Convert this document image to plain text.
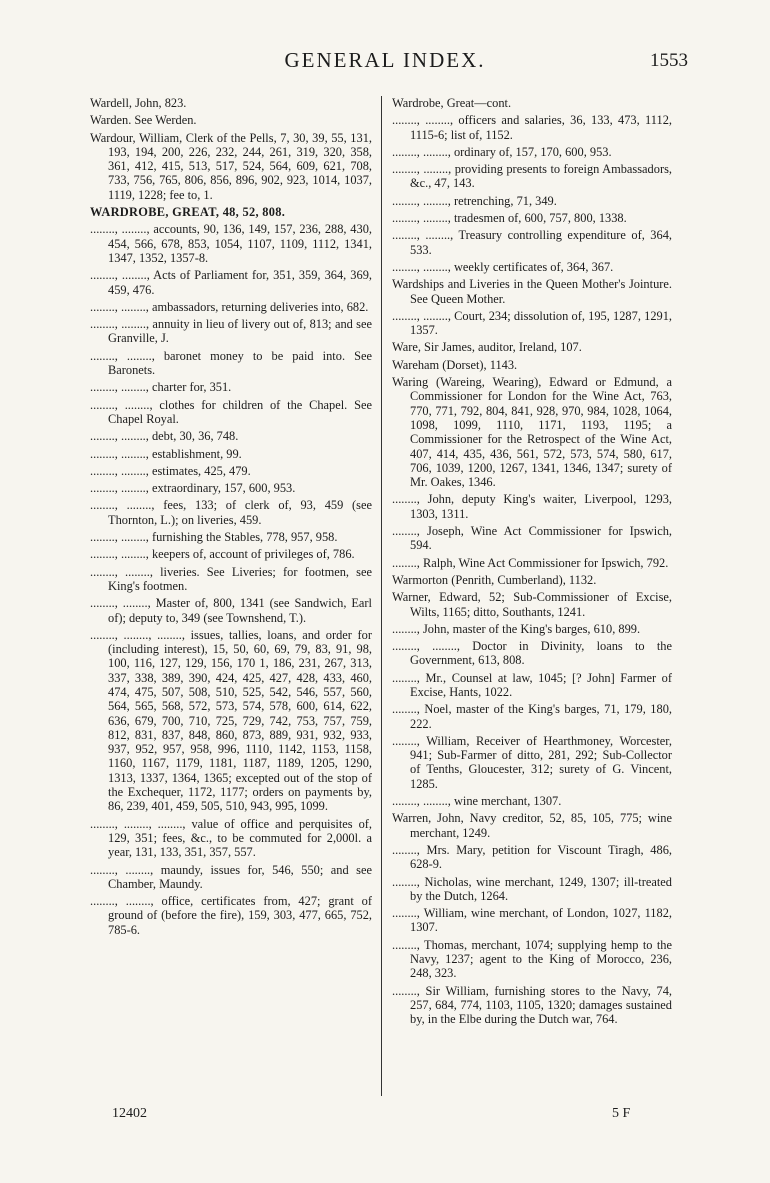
GENERAL INDEX.	1553

Wardell, John, 823.

Warden. See Werden.

Wardour, William, Clerk of the Pells, 7, 30, 39, 55, 131, 193, 194, 200, 226, 232, 244, 261, 319, 320, 358, 361, 412, 415, 513, 517, 524, 564, 609, 621, 708, 733, 756, 765, 806, 856, 896, 902, 923, 1014, 1037, 1119, 1228; fee to, 1.

WARDROBE, GREAT, 48, 52, 808.

........, ........, accounts, 90, 136, 149, 157, 236, 288, 430, 454, 566, 678, 853, 1054, 1107, 1109, 1112, 1341, 1347, 1352, 1357-8.

........, ........, Acts of Parliament for, 351, 359, 364, 369, 459, 476.

........, ........, ambassadors, returning deliveries into, 682.

........, ........, annuity in lieu of livery out of, 813; and see Granville, J.

........, ........, baronet money to be paid into. See Baronets.

........, ........, charter for, 351.

........, ........, clothes for children of the Chapel. See Chapel Royal.

........, ........, debt, 30, 36, 748.

........, ........, establishment, 99.

........, ........, estimates, 425, 479.

........, ........, extraordinary, 157, 600, 953.

........, ........, fees, 133; of clerk of, 93, 459 (see Thornton, L.); on liveries, 459.

........, ........, furnishing the Stables, 778, 957, 958.

........, ........, keepers of, account of privileges of, 786.

........, ........, liveries. See Liveries; for footmen, see King's footmen.

........, ........, Master of, 800, 1341 (see Sandwich, Earl of); deputy to, 349 (see Townshend, T.).

........, ........, ........, issues, tallies, loans, and order for (including interest), 15, 50, 60, 69, 79, 83, 91, 98, 100, 116, 127, 129, 156, 170 1, 186, 231, 267, 313, 337, 338, 389, 390, 424, 425, 427, 428, 433, 460, 474, 475, 507, 508, 510, 525, 542, 546, 557, 560, 564, 565, 568, 572, 573, 574, 578, 600, 614, 622, 636, 679, 700, 710, 725, 729, 742, 753, 757, 759, 812, 831, 837, 848, 860, 873, 889, 931, 932, 933, 937, 952, 957, 958, 996, 1110, 1142, 1153, 1158, 1160, 1167, 1179, 1181, 1187, 1189, 1205, 1290, 1313, 1337, 1364, 1365; excepted out of the stop of the Exchequer, 1172, 1177; orders on payments by, 86, 239, 401, 459, 505, 510, 943, 995, 1099.

........, ........, ........, value of office and perquisites of, 129, 351; fees, &c., to be commuted for 2,000l. a year, 131, 133, 351, 357, 557.

........, ........, maundy, issues for, 546, 550; and see Chamber, Maundy.

........, ........, office, certificates from, 427; grant of ground of (before the fire), 159, 303, 477, 665, 752, 785-6.

Wardrobe, Great—cont.

........, ........, officers and salaries, 36, 133, 473, 1112, 1115-6; list of, 1152.

........, ........, ordinary of, 157, 170, 600, 953.

........, ........, providing presents to foreign Ambassadors, &c., 47, 143.

........, ........, retrenching, 71, 349.

........, ........, tradesmen of, 600, 757, 800, 1338.

........, ........, Treasury controlling expenditure of, 364, 533.

........, ........, weekly certificates of, 364, 367.

Wardships and Liveries in the Queen Mother's Jointure. See Queen Mother.

........, ........, Court, 234; dissolution of, 195, 1287, 1291, 1357.

Ware, Sir James, auditor, Ireland, 107.

Wareham (Dorset), 1143.

Waring (Wareing, Wearing), Edward or Edmund, a Commissioner for London for the Wine Act, 763, 770, 771, 792, 804, 841, 928, 970, 984, 1028, 1064, 1098, 1099, 1110, 1171, 1193, 1195; a Commissioner for the Retrospect of the Wine Act, 407, 414, 435, 436, 561, 572, 573, 574, 580, 617, 706, 1039, 1200, 1267, 1341, 1346, 1347; surety of Mr. Oakes, 1346.

........, John, deputy King's waiter, Liverpool, 1293, 1303, 1311.

........, Joseph, Wine Act Commissioner for Ipswich, 594.

........, Ralph, Wine Act Commissioner for Ipswich, 792.

Warmorton (Penrith, Cumberland), 1132.

Warner, Edward, 52; Sub-Commissioner of Excise, Wilts, 1165; ditto, Southants, 1241.

........, John, master of the King's barges, 610, 899.

........, ........, Doctor in Divinity, loans to the Government, 613, 808.

........, Mr., Counsel at law, 1045; [? John] Farmer of Excise, Hants, 1022.

........, Noel, master of the King's barges, 71, 179, 180, 222.

........, William, Receiver of Hearthmoney, Worcester, 941; Sub-Farmer of ditto, 281, 292; Sub-Collector of Tenths, Gloucester, 312; surety of G. Vincent, 1285.

........, ........, wine merchant, 1307.

Warren, John, Navy creditor, 52, 85, 105, 775; wine merchant, 1249.

........, Mrs. Mary, petition for Viscount Tiragh, 486, 628-9.

........, Nicholas, wine merchant, 1249, 1307; ill-treated by the Dutch, 1264.

........, William, wine merchant, of London, 1027, 1182, 1307.

........, Thomas, merchant, 1074; supplying hemp to the Navy, 1237; agent to the King of Morocco, 236, 248, 323.

........, Sir William, furnishing stores to the Navy, 74, 257, 684, 774, 1103, 1105, 1320; damages sustained by, in the Elbe during the Dutch war, 764.

12402	5 F
